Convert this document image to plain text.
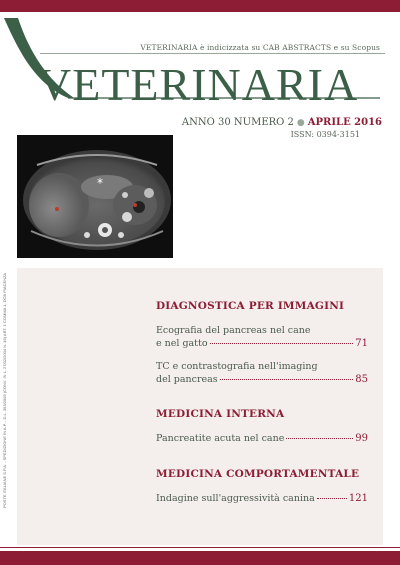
VETERINARIA è indicizzata su CAB ABSTRACTS e su Scopus
VETERINARIA
ANNO 30 NUMERO 2 ● APRILE 2016
ISSN: 0394-3151
*
POSTE ITALIANE S.P.A. - SPEDIZIONE IN A.P. - D.L. 353/2003 (CONV. IN L. 27/02/2004 N. 46) ART. 1 COMMA 1, DCB PIACENZA	DIAGNOSTICA PER IMMAGINI

Ecografia del pancreas nel cane
e nel gatto	71
TC e contrastografia nell'imaging
del pancreas	85

MEDICINA INTERNA

Pancreatite acuta nel cane	99

MEDICINA COMPORTAMENTALE

Indagine sull'aggressività canina	121
